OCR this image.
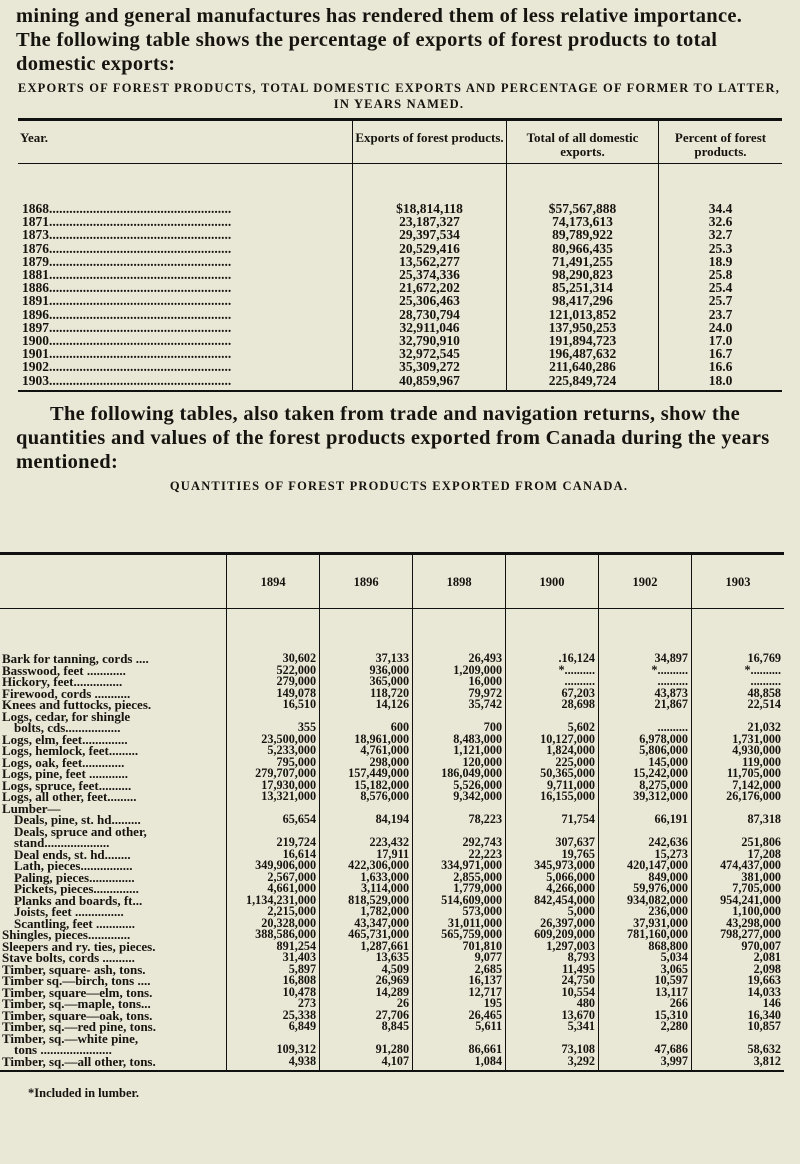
mining and general manufactures has rendered them of less relative importance. The following table shows the percentage of exports of forest products to total domestic exports:

EXPORTS OF FOREST PRODUCTS, TOTAL DOMESTIC EXPORTS AND PERCENTAGE OF FORMER TO LATTER, IN YEARS NAMED.
Year.	Exports of forest products.	Total of all domestic exports.	Percent of forest products.
1868......................................................	$18,814,118	$57,567,888	34.4
1871......................................................	23,187,327	74,173,613	32.6
1873......................................................	29,397,534	89,789,922	32.7
1876......................................................	20,529,416	80,966,435	25.3
1879......................................................	13,562,277	71,491,255	18.9
1881......................................................	25,374,336	98,290,823	25.8
1886......................................................	21,672,202	85,251,314	25.4
1891......................................................	25,306,463	98,417,296	25.7
1896......................................................	28,730,794	121,013,852	23.7
1897......................................................	32,911,046	137,950,253	24.0
1900......................................................	32,790,910	191,894,723	17.0
1901......................................................	32,972,545	196,487,632	16.7
1902......................................................	35,309,272	211,640,286	16.6
1903......................................................	40,859,967	225,849,724	18.0

The following tables, also taken from trade and navigation returns, show the quantities and values of the forest products exported from Canada during the years mentioned:

QUANTITIES OF FOREST PRODUCTS EXPORTED FROM CANADA.
	1894	1896	1898	1900	1902	1903
Bark for tanning, cords ....	30,602	37,133	26,493	.16,124	34,897	16,769
Basswood, feet ............	522,000	936,000	1,209,000	*..........	*..........	*..........
Hickory, feet...............	279,000	365,000	16,000	..........	..........	..........
Firewood, cords ...........	149,078	118,720	79,972	67,203	43,873	48,858
Knees and futtocks, pieces.	16,510	14,126	35,742	28,698	21,867	22,514
Logs, cedar, for shingle						
bolts, cds.................	355	600	700	5,602	..........	21,032
Logs, elm, feet..............	23,500,000	18,961,000	8,483,000	10,127,000	6,978,000	1,731,000
Logs, hemlock, feet.........	5,233,000	4,761,000	1,121,000	1,824,000	5,806,000	4,930,000
Logs, oak, feet.............	795,000	298,000	120,000	225,000	145,000	119,000
Logs, pine, feet ............	279,707,000	157,449,000	186,049,000	50,365,000	15,242,000	11,705,000
Logs, spruce, feet..........	17,930,000	15,182,000	5,526,000	9,711,000	8,275,000	7,142,000
Logs, all other, feet.........	13,321,000	8,576,000	9,342,000	16,155,000	39,312,000	26,176,000
Lumber—						
Deals, pine, st. hd.........	65,654	84,194	78,223	71,754	66,191	87,318
Deals, spruce and other,						
stand....................	219,724	223,432	292,743	307,637	242,636	251,806
Deal ends, st. hd........	16,614	17,911	22,223	19,765	15,273	17,208
Lath, pieces................	349,906,000	422,306,000	334,971,000	345,973,000	420,147,000	474,437,000
Paling, pieces..............	2,567,000	1,633,000	2,855,000	5,066,000	849,000	381,000
Pickets, pieces..............	4,661,000	3,114,000	1,779,000	4,266,000	59,976,000	7,705,000
Planks and boards, ft...	1,134,231,000	818,529,000	514,609,000	842,454,000	934,082,000	954,241,000
Joists, feet ...............	2,215,000	1,782,000	573,000	5,000	236,000	1,100,000
Scantling, feet ............	20,328,000	43,347,000	31,011,000	26,397,000	37,931,000	43,298,000
Shingles, pieces.............	388,586,000	465,731,000	565,759,000	609,209,000	781,160,000	798,277,000
Sleepers and ry. ties, pieces.	891,254	1,287,661	701,810	1,297,003	868,800	970,007
Stave bolts, cords ..........	31,403	13,635	9,077	8,793	5,034	2,081
Timber, square- ash, tons.	5,897	4,509	2,685	11,495	3,065	2,098
Timber sq.—birch, tons ....	16,808	26,969	16,137	24,750	10,597	19,663
Timber, square—elm, tons.	10,478	14,289	12,717	10,554	13,117	14,033
Timber, sq.—maple, tons...	273	26	195	480	266	146
Timber, square—oak, tons.	25,338	27,706	26,465	13,670	15,310	16,340
Timber, sq.—red pine, tons.	6,849	8,845	5,611	5,341	2,280	10,857
Timber, sq.—white pine,						
tons ......................	109,312	91,280	86,661	73,108	47,686	58,632
Timber, sq.—all other, tons.	4,938	4,107	1,084	3,292	3,997	3,812
*Included in lumber.
